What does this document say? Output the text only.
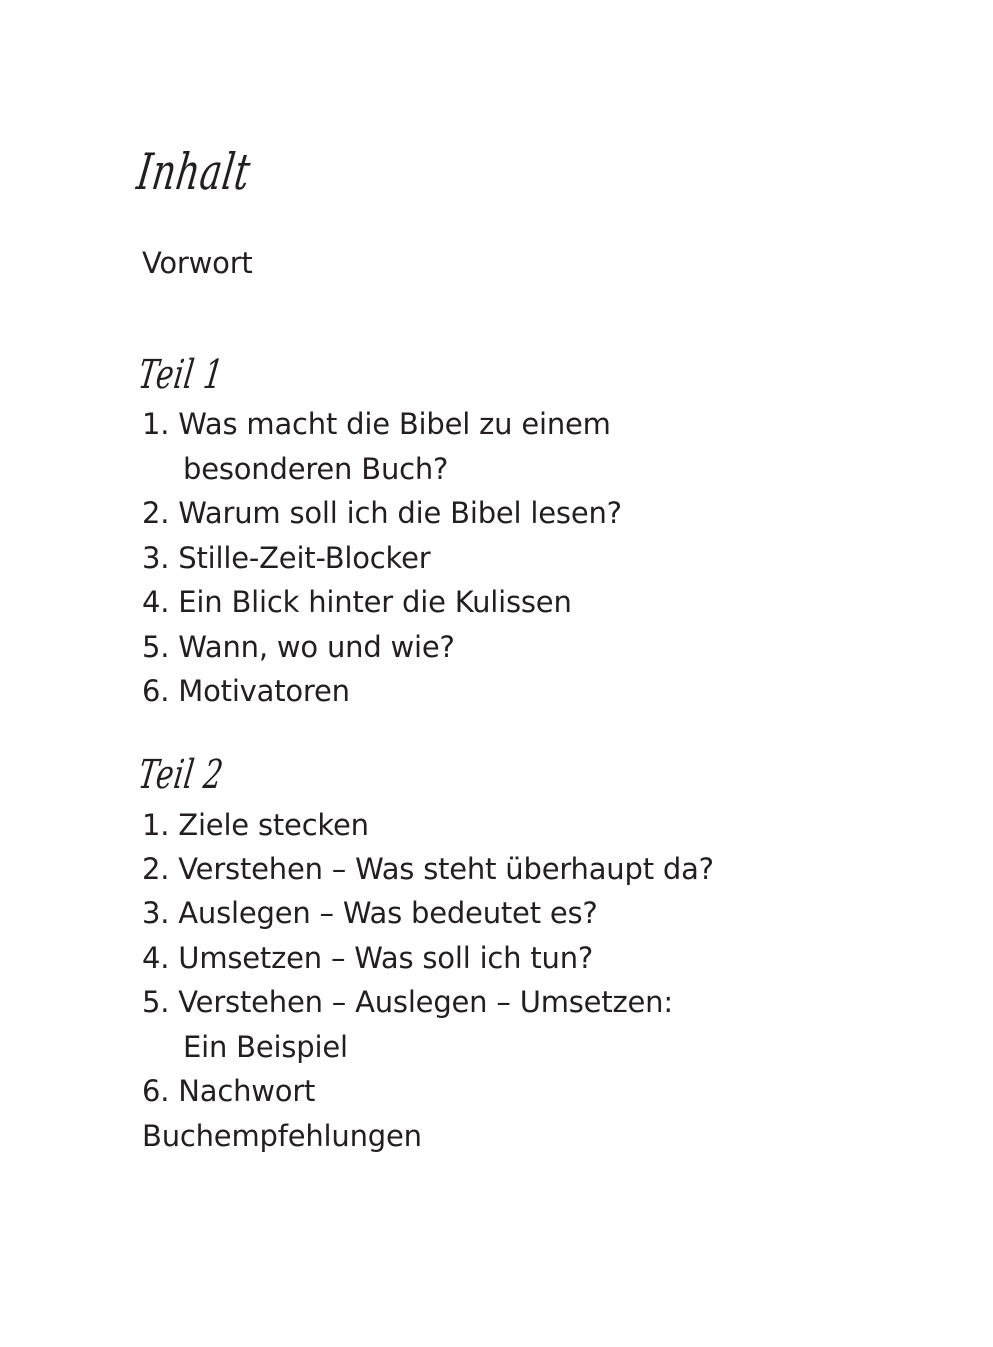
Inhalt
Vorwort
Teil 1
1. Was macht die Bibel zu einem
besonderen Buch?
2. Warum soll ich die Bibel lesen?
3. Stille-Zeit-Blocker
4. Ein Blick hinter die Kulissen
5. Wann, wo und wie?
6. Motivatoren
Teil 2
1. Ziele stecken
2. Verstehen – Was steht überhaupt da?
3. Auslegen – Was bedeutet es?
4. Umsetzen – Was soll ich tun?
5. Verstehen – Auslegen – Umsetzen:
Ein Beispiel
6. Nachwort
Buchempfehlungen
